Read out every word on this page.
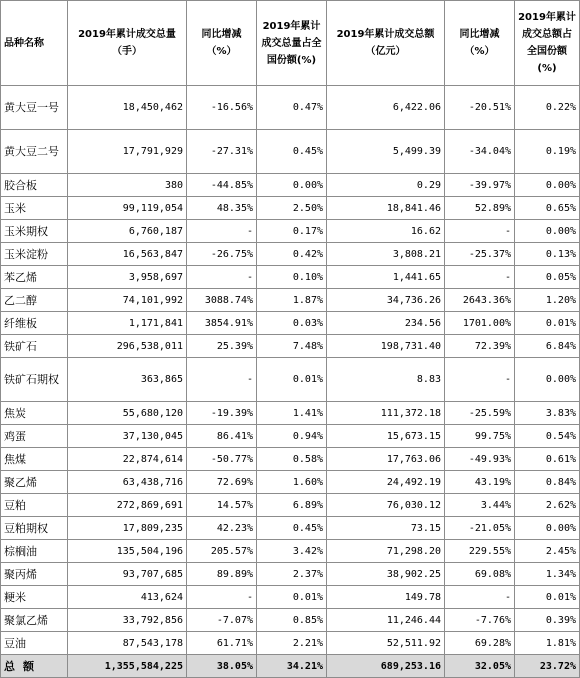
品种名称	2019年累计成交总量（手）	同比增减（%）	2019年累计成交总量占全国份额(%)	2019年累计成交总额（亿元）	同比增减（%）	2019年累计成交总额占全国份额(%)
黄大豆一号	18,450,462	-16.56%	0.47%	6,422.06	-20.51%	0.22%
黄大豆二号	17,791,929	-27.31%	0.45%	5,499.39	-34.04%	0.19%
胶合板	380	-44.85%	0.00%	0.29	-39.97%	0.00%
玉米	99,119,054	48.35%	2.50%	18,841.46	52.89%	0.65%
玉米期权	6,760,187	-	0.17%	16.62	-	0.00%
玉米淀粉	16,563,847	-26.75%	0.42%	3,808.21	-25.37%	0.13%
苯乙烯	3,958,697	-	0.10%	1,441.65	-	0.05%
乙二醇	74,101,992	3088.74%	1.87%	34,736.26	2643.36%	1.20%
纤维板	1,171,841	3854.91%	0.03%	234.56	1701.00%	0.01%
铁矿石	296,538,011	25.39%	7.48%	198,731.40	72.39%	6.84%
铁矿石期权	363,865	-	0.01%	8.83	-	0.00%
焦炭	55,680,120	-19.39%	1.41%	111,372.18	-25.59%	3.83%
鸡蛋	37,130,045	86.41%	0.94%	15,673.15	99.75%	0.54%
焦煤	22,874,614	-50.77%	0.58%	17,763.06	-49.93%	0.61%
聚乙烯	63,438,716	72.69%	1.60%	24,492.19	43.19%	0.84%
豆粕	272,869,691	14.57%	6.89%	76,030.12	3.44%	2.62%
豆粕期权	17,809,235	42.23%	0.45%	73.15	-21.05%	0.00%
棕榈油	135,504,196	205.57%	3.42%	71,298.20	229.55%	2.45%
聚丙烯	93,707,685	89.89%	2.37%	38,902.25	69.08%	1.34%
粳米	413,624	-	0.01%	149.78	-	0.01%
聚氯乙烯	33,792,856	-7.07%	0.85%	11,246.44	-7.76%	0.39%
豆油	87,543,178	61.71%	2.21%	52,511.92	69.28%	1.81%
总额	1,355,584,225	38.05%	34.21%	689,253.16	32.05%	23.72%
